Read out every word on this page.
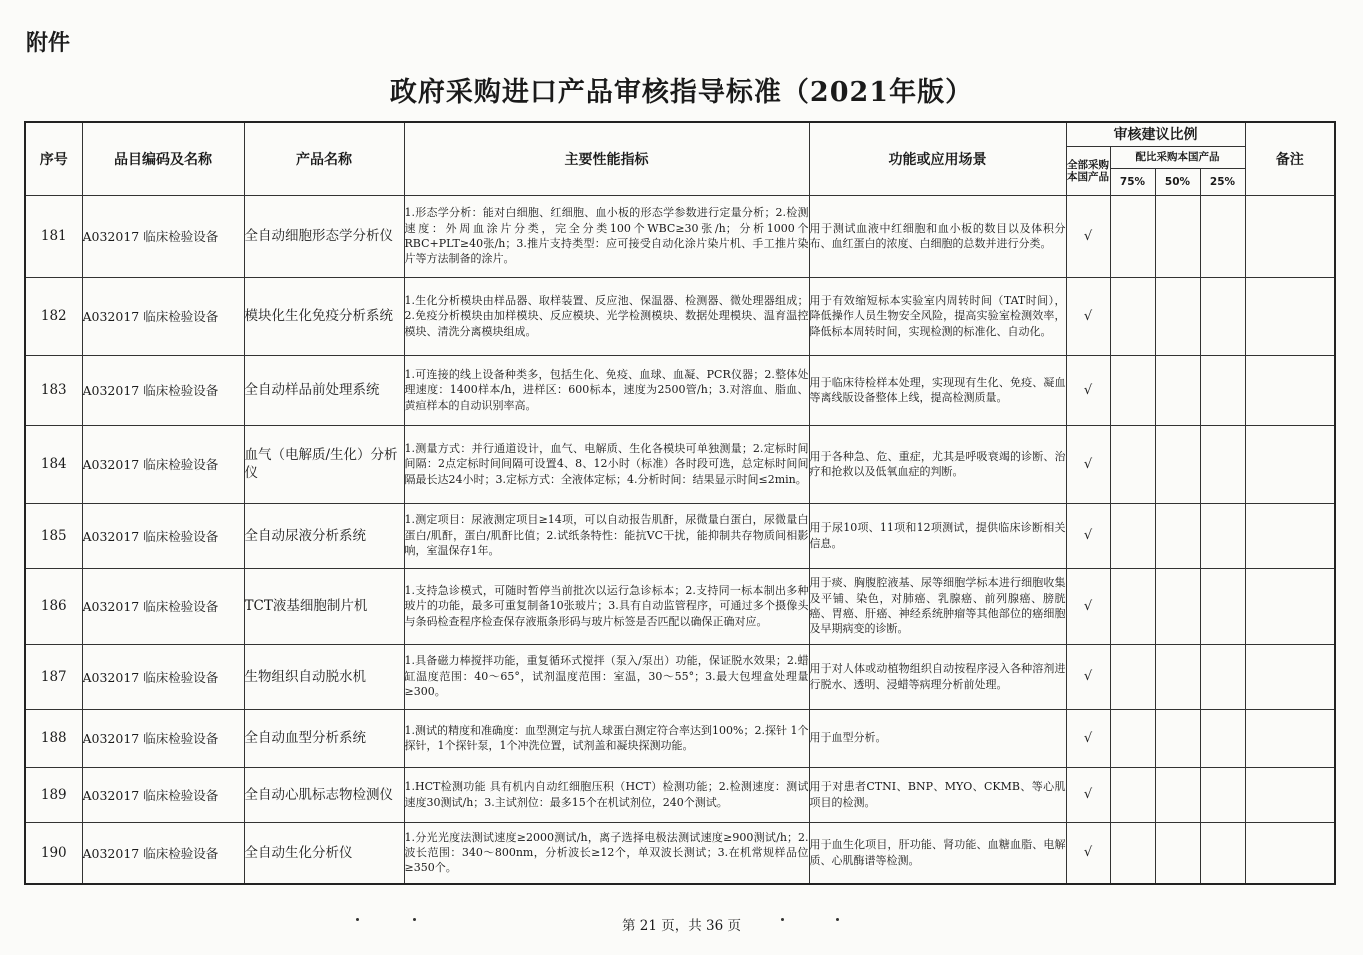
附件
政府采购进口产品审核指导标准（2021年版）
序号	品目编码及名称	产品名称	主要性能指标	功能或应用场景	审核建议比例				备注
					全部采购本国产品	配比采购本国产品			
						75%	50%	25%	
181	A032017 临床检验设备	全自动细胞形态学分析仪	1.形态学分析：能对白细胞、红细胞、血小板的形态学参数进行定量分析；2.检测速度：外周血涂片分类，完全分类100个WBC≥30张/h；分析1000个RBC+PLT≥40张/h；3.推片支持类型：应可接受自动化涂片染片机、手工推片染片等方法制备的涂片。	用于测试血液中红细胞和血小板的数目以及体积分布、血红蛋白的浓度、白细胞的总数并进行分类。	√				
182	A032017 临床检验设备	模块化生化免疫分析系统	1.生化分析模块由样品器、取样装置、反应池、保温器、检测器、微处理器组成；2.免疫分析模块由加样模块、反应模块、光学检测模块、数据处理模块、温育温控模块、清洗分离模块组成。	用于有效缩短标本实验室内周转时间（TAT时间），降低操作人员生物安全风险，提高实验室检测效率，降低标本周转时间，实现检测的标准化、自动化。	√				
183	A032017 临床检验设备	全自动样品前处理系统	1.可连接的线上设备种类多，包括生化、免疫、血球、血凝、PCR仪器；2.整体处理速度：1400样本/h，进样区：600标本，速度为2500管/h；3.对溶血、脂血、黄疸样本的自动识别率高。	用于临床待检样本处理，实现现有生化、免疫、凝血等离线版设备整体上线，提高检测质量。	√				
184	A032017 临床检验设备	血气（电解质/生化）分析仪	1.测量方式：并行通道设计，血气、电解质、生化各模块可单独测量；2.定标时间间隔：2点定标时间间隔可设置4、8、12小时（标准）各时段可选，总定标时间间隔最长达24小时；3.定标方式：全液体定标；4.分析时间：结果显示时间≤2min。	用于各种急、危、重症，尤其是呼吸衰竭的诊断、治疗和抢救以及低氧血症的判断。	√				
185	A032017 临床检验设备	全自动尿液分析系统	1.测定项目：尿液测定项目≥14项，可以自动报告肌酐，尿微量白蛋白，尿微量白蛋白/肌酐，蛋白/肌酐比值；2.试纸条特性：能抗VC干扰，能抑制共存物质间相影响，室温保存1年。	用于尿10项、11项和12项测试，提供临床诊断相关信息。	√				
186	A032017 临床检验设备	TCT液基细胞制片机	1.支持急诊模式，可随时暂停当前批次以运行急诊标本；2.支持同一标本制出多种玻片的功能，最多可重复制备10张玻片；3.具有自动监管程序，可通过多个摄像头与条码检查程序检查保存液瓶条形码与玻片标签是否匹配以确保正确对应。	用于痰、胸腹腔液基、尿等细胞学标本进行细胞收集及平铺、染色，对肺癌、乳腺癌、前列腺癌、膀胱癌、胃癌、肝癌、神经系统肿瘤等其他部位的癌细胞及早期病变的诊断。	√				
187	A032017 临床检验设备	生物组织自动脱水机	1.具备磁力棒搅拌功能，重复循环式搅拌（泵入/泵出）功能，保证脱水效果；2.蜡缸温度范围：40～65°，试剂温度范围：室温，30～55°；3.最大包埋盒处理量≥300。	用于对人体或动植物组织自动按程序浸入各种溶剂进行脱水、透明、浸蜡等病理分析前处理。	√				
188	A032017 临床检验设备	全自动血型分析系统	1.测试的精度和准确度：血型测定与抗人球蛋白测定符合率达到100%；2.探针 1个探针，1个探针泵，1个冲洗位置，试剂盖和凝块探测功能。	用于血型分析。	√				
189	A032017 临床检验设备	全自动心肌标志物检测仪	1.HCT检测功能 具有机内自动红细胞压积（HCT）检测功能；2.检测速度：测试速度30测试/h；3.主试剂位：最多15个在机试剂位，240个测试。	用于对患者CTNI、BNP、MYO、CKMB、等心肌项目的检测。	√				
190	A032017 临床检验设备	全自动生化分析仪	1.分光光度法测试速度≥2000测试/h，离子选择电极法测试速度≥900测试/h；2.波长范围：340～800nm，分析波长≥12个，单双波长测试；3.在机常规样品位≥350个。	用于血生化项目，肝功能、肾功能、血糖血脂、电解质、心肌酶谱等检测。	√				
第 21 页，共 36 页
